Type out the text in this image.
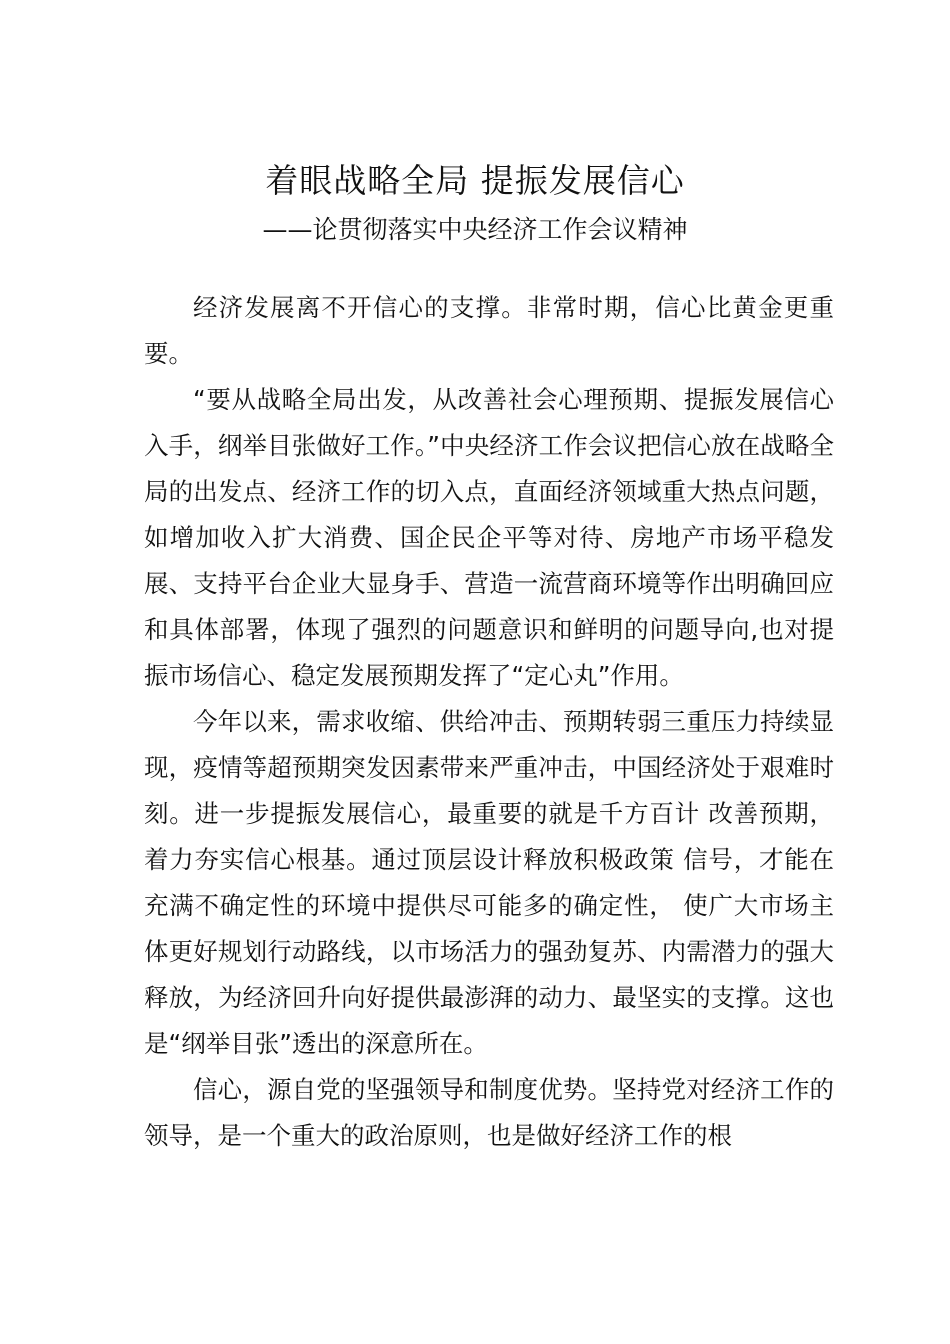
着眼战略全局 提振发展信心
——论贯彻落实中央经济工作会议精神

经济发展离不开信心的支撑。非常时期，信心比黄金更重要。

“要从战略全局出发，从改善社会心理预期、提振发展信心入手，纲举目张做好工作。”中央经济工作会议把信心放在战略全局的出发点、经济工作的切入点，直面经济领域重大热点问题，如增加收入扩大消费、国企民企平等对待、房地产市场平稳发展、支持平台企业大显身手、营造一流营商环境等作出明确回应和具体部署，体现了强烈的问题意识和鲜明的问题导向,也对提振市场信心、稳定发展预期发挥了“定心丸”作用。

今年以来，需求收缩、供给冲击、预期转弱三重压力持续显现，疫情等超预期突发因素带来严重冲击，中国经济处于艰难时刻。进一步提振发展信心，最重要的就是千方百计 改善预期，着力夯实信心根基。通过顶层设计释放积极政策 信号，才能在充满不确定性的环境中提供尽可能多的确定性， 使广大市场主体更好规划行动路线，以市场活力的强劲复苏、内需潜力的强大释放，为经济回升向好提供最澎湃的动力、最坚实的支撑。这也是“纲举目张”透出的深意所在。

信心，源自党的坚强领导和制度优势。坚持党对经济工作的领导，是一个重大的政治原则，也是做好经济工作的根
